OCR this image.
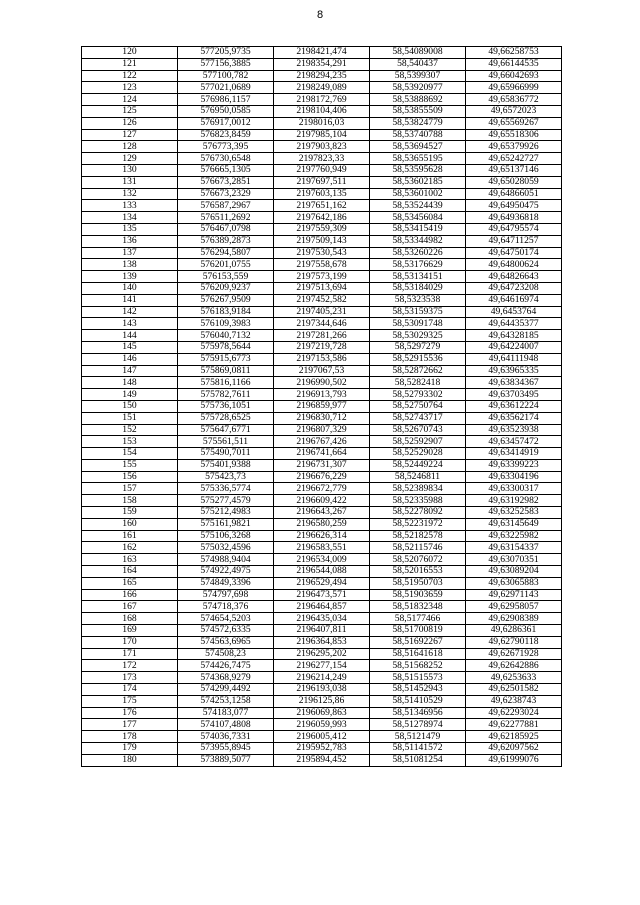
8
120	577205,9735	2198421,474	58,54089008	49,66258753
121	577156,3885	2198354,291	58,540437	49,66144535
122	577100,782	2198294,235	58,5399307	49,66042693
123	577021,0689	2198249,089	58,53920977	49,65966999
124	576986,1157	2198172,769	58,53888692	49,65836772
125	576950,0585	2198104,406	58,53855509	49,6572023
126	576917,0012	2198016,03	58,53824779	49,65569267
127	576823,8459	2197985,104	58,53740788	49,65518306
128	576773,395	2197903,823	58,53694527	49,65379926
129	576730,6548	2197823,33	58,53655195	49,65242727
130	576665,1305	2197760,949	58,53595628	49,65137146
131	576673,2851	2197697,511	58,53602185	49,65028059
132	576673,2329	2197603,135	58,53601002	49,64866051
133	576587,2967	2197651,162	58,53524439	49,64950475
134	576511,2692	2197642,186	58,53456084	49,64936818
135	576467,0798	2197559,309	58,53415419	49,64795574
136	576389,2873	2197509,143	58,53344982	49,64711257
137	576294,5807	2197530,543	58,53260226	49,64750174
138	576201,0755	2197558,678	58,53176629	49,64800624
139	576153,559	2197573,199	58,53134151	49,64826643
140	576209,9237	2197513,694	58,53184029	49,64723208
141	576267,9509	2197452,582	58,5323538	49,64616974
142	576183,9184	2197405,231	58,53159375	49,6453764
143	576109,3983	2197344,646	58,53091748	49,64435377
144	576040,7132	2197281,266	58,53029325	49,64328185
145	575978,5644	2197219,728	58,5297279	49,64224007
146	575915,6773	2197153,586	58,52915536	49,64111948
147	575869,0811	2197067,53	58,52872662	49,63965335
148	575816,1166	2196990,502	58,5282418	49,63834367
149	575782,7611	2196913,793	58,52793302	49,63703495
150	575736,1051	2196859,977	58,52750764	49,63612224
151	575728,6525	2196830,712	58,52743717	49,63562174
152	575647,6771	2196807,329	58,52670743	49,63523938
153	575561,511	2196767,426	58,52592907	49,63457472
154	575490,7011	2196741,664	58,52529028	49,63414919
155	575401,9388	2196731,307	58,52449224	49,63399223
156	575423,73	2196676,229	58,5246811	49,63304196
157	575336,5774	2196672,779	58,52389834	49,63300317
158	575277,4579	2196609,422	58,52335988	49,63192982
159	575212,4983	2196643,267	58,52278092	49,63252583
160	575161,9821	2196580,259	58,52231972	49,63145649
161	575106,3268	2196626,314	58,52182578	49,63225982
162	575032,4596	2196583,551	58,52115746	49,63154337
163	574988,9404	2196534,009	58,52076072	49,63070351
164	574922,4975	2196544,088	58,52016553	49,63089204
165	574849,3396	2196529,494	58,51950703	49,63065883
166	574797,698	2196473,571	58,51903659	49,62971143
167	574718,376	2196464,857	58,51832348	49,62958057
168	574654,5203	2196435,034	58,5177466	49,62908389
169	574572,6335	2196407,811	58,51700819	49,6286361
170	574563,6965	2196364,853	58,51692267	49,62790118
171	574508,23	2196295,202	58,51641618	49,62671928
172	574426,7475	2196277,154	58,51568252	49,62642886
173	574368,9279	2196214,249	58,51515573	49,6253633
174	574299,4492	2196193,038	58,51452943	49,62501582
175	574253,1258	2196125,86	58,51410529	49,6238743
176	574183,077	2196069,863	58,51346956	49,62293024
177	574107,4808	2196059,993	58,51278974	49,62277881
178	574036,7331	2196005,412	58,5121479	49,62185925
179	573955,8945	2195952,783	58,51141572	49,62097562
180	573889,5077	2195894,452	58,51081254	49,61999076
